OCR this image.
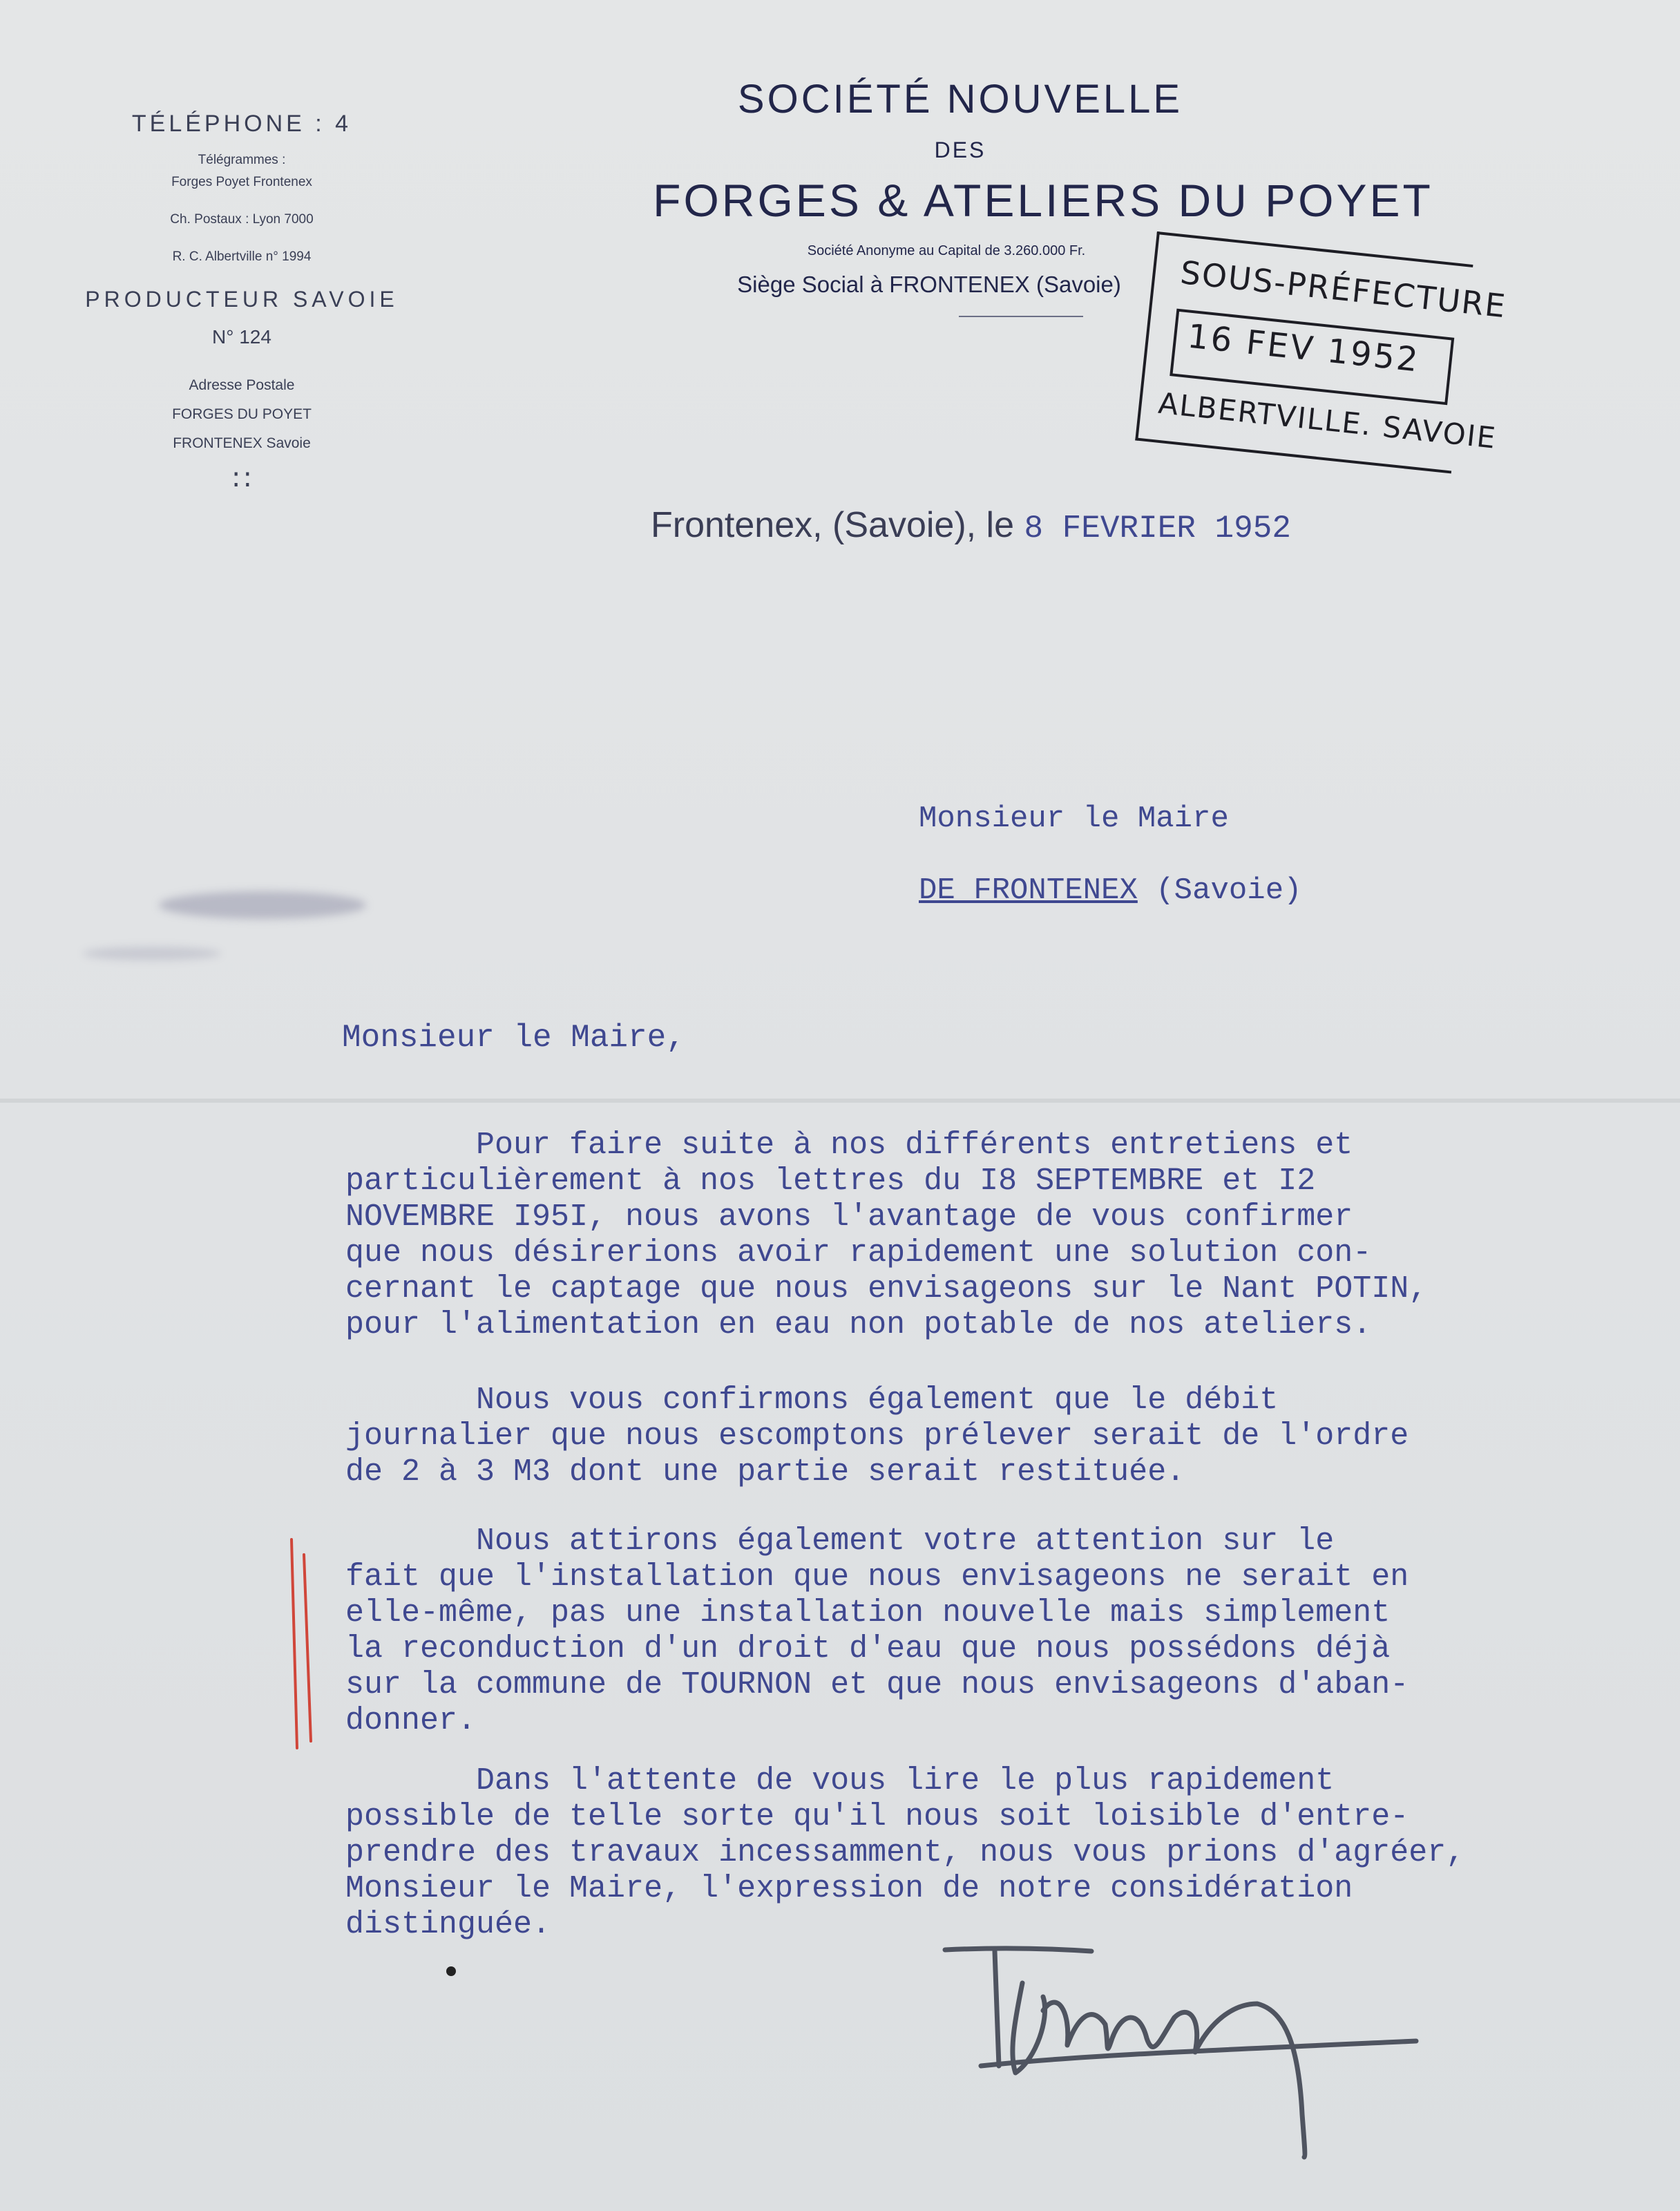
TÉLÉPHONE : 4
Télégrammes :
Forges Poyet Frontenex
Ch. Postaux : Lyon 7000
R. C. Albertville n° 1994
PRODUCTEUR SAVOIE
N° 124
Adresse Postale
FORGES DU POYET
FRONTENEX Savoie
∷
SOCIÉTÉ NOUVELLE
DES
FORGES & ATELIERS DU POYET
Société Anonyme au Capital de 3.260.000 Fr.
Siège Social à FRONTENEX (Savoie)	SOUS-PRÉFECTURE
16 FEV 1952
ALBERTVILLE. SAVOIE
Frontenex, (Savoie), le 8 FEVRIER 1952
Monsieur le Maire
DE FRONTENEX (Savoie)
Monsieur le Maire,
Pour faire suite à nos différents entretiens et
particulièrement à nos lettres du I8 SEPTEMBRE et I2
NOVEMBRE I95I, nous avons l'avantage de vous confirmer
que nous désirerions avoir rapidement une solution con-
cernant le captage que nous envisageons sur le Nant POTIN,
pour l'alimentation en eau non potable de nos ateliers.
Nous vous confirmons également que le débit
journalier que nous escomptons prélever serait de l'ordre
de 2 à 3 M3 dont une partie serait restituée.
Nous attirons également votre attention sur le
fait que l'installation que nous envisageons ne serait en
elle-même, pas une installation nouvelle mais simplement
la reconduction d'un droit d'eau que nous possédons déjà
sur la commune de TOURNON et que nous envisageons d'aban-
donner.
Dans l'attente de vous lire le plus rapidement
possible de telle sorte qu'il nous soit loisible d'entre-
prendre des travaux incessamment, nous vous prions d'agréer,
Monsieur le Maire, l'expression de notre considération
distinguée.
